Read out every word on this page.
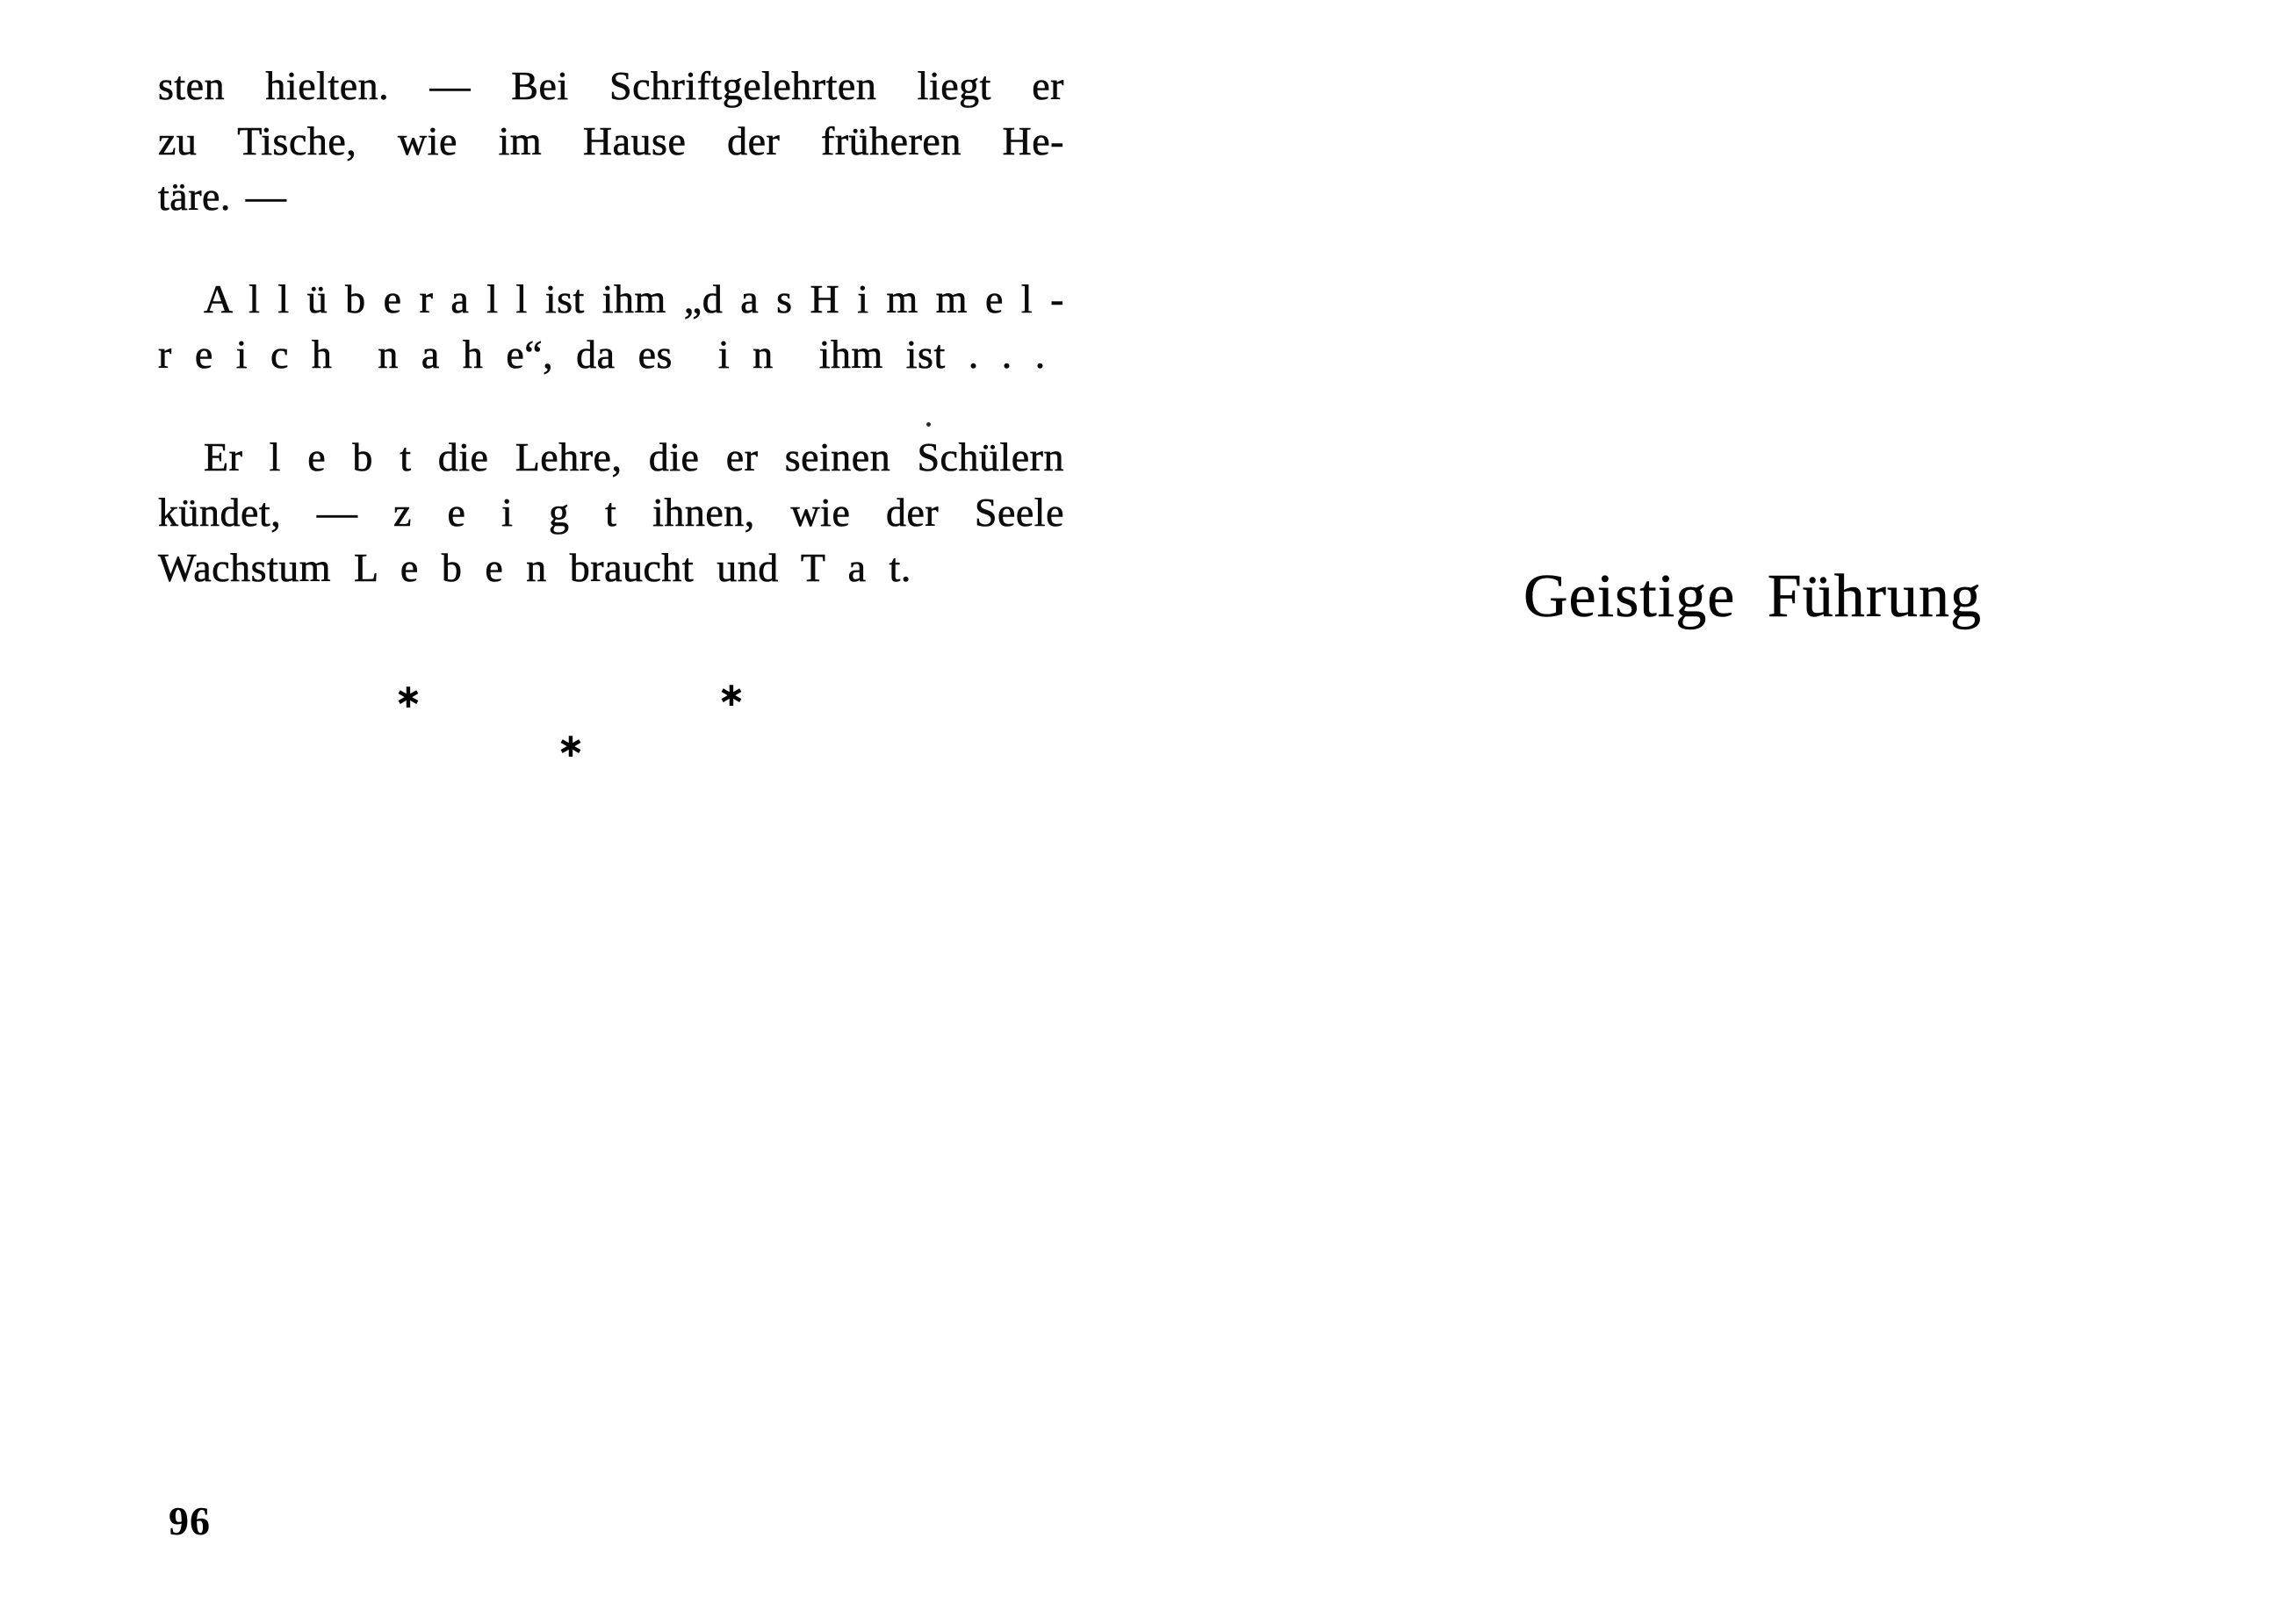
sten hielten. — Bei Schriftgelehrten liegt er
zu Tische, wie im Hause der früheren He-
täre. —
A l l ü b e r a l l ist ihm „d a s H i m m e l -
r e i c h  n a h e“, da es  i n  ihm ist . . .
Er l e b t die Lehre, die er seinen Schülern
kündet, — z e i g t ihnen, wie der Seele
Wachstum L e b e n braucht und T a t.
∗	∗
∗
Geistige Führung
96
